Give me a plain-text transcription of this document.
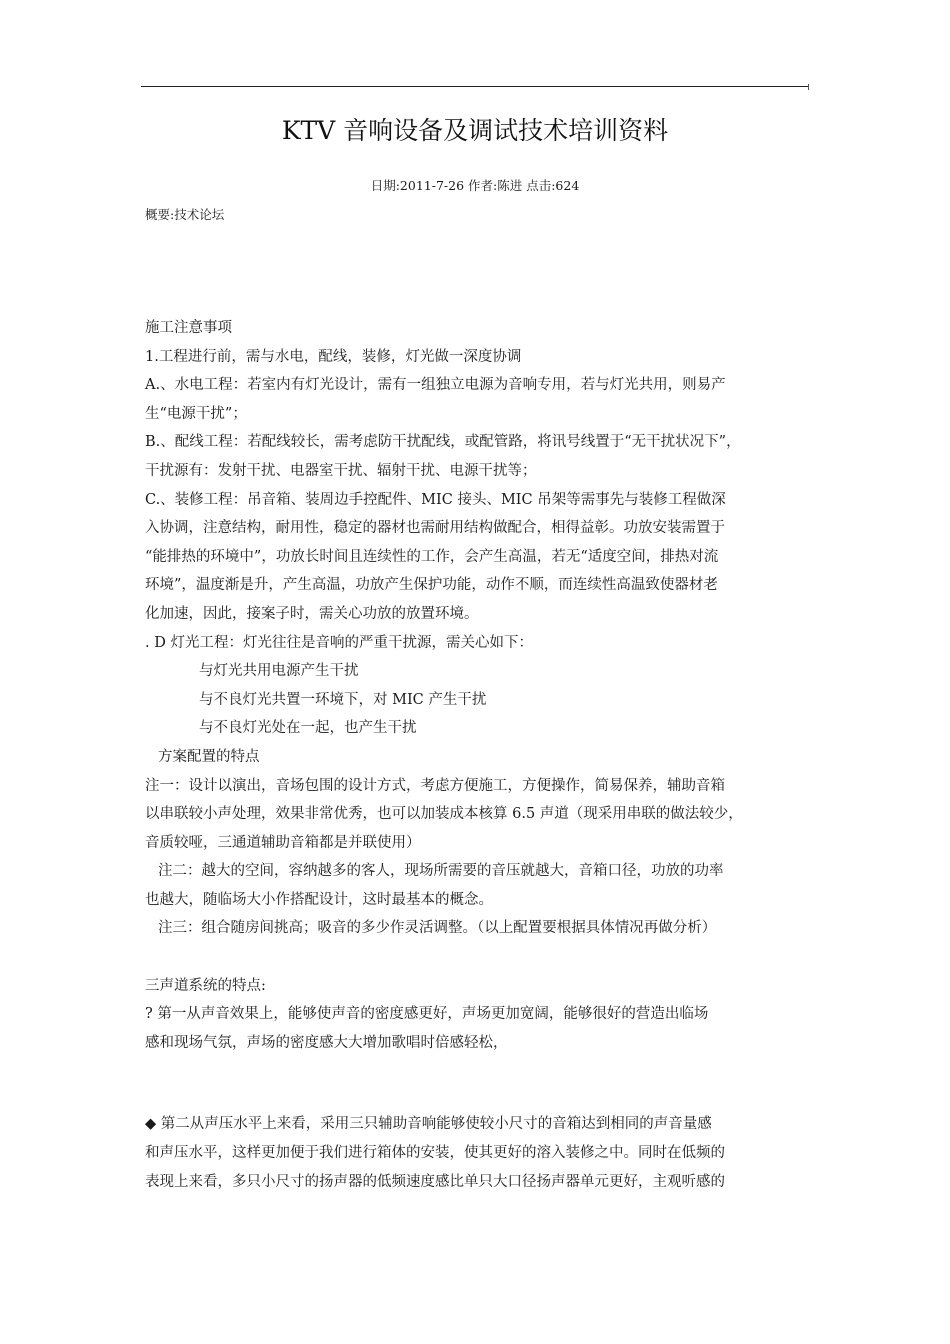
KTV 音响设备及调试技术培训资料
日期:2011-7-26 作者:陈进 点击:624
概要:技术论坛
施工注意事项
1.工程进行前，需与水电，配线，装修，灯光做一深度协调
A.、水电工程：若室内有灯光设计，需有一组独立电源为音响专用，若与灯光共用，则易产
生“电源干扰”；
B.、配线工程：若配线较长，需考虑防干扰配线，或配管路，将讯号线置于“无干扰状况下”，
干扰源有：发射干扰、电器室干扰、辐射干扰、电源干扰等；
C.、装修工程：吊音箱、装周边手控配件、MIC 接头、MIC 吊架等需事先与装修工程做深
入协调，注意结构，耐用性，稳定的器材也需耐用结构做配合，相得益彰。功放安装需置于
“能排热的环境中”，功放长时间且连续性的工作，会产生高温，若无“适度空间，排热对流
环境”，温度渐是升，产生高温，功放产生保护功能，动作不顺，而连续性高温致使器材老
化加速，因此，接案子时，需关心功放的放置环境。
. D 灯光工程：灯光往往是音响的严重干扰源，需关心如下：
与灯光共用电源产生干扰
与不良灯光共置一环境下，对 MIC 产生干扰
与不良灯光处在一起，也产生干扰
方案配置的特点
注一：设计以演出，音场包围的设计方式，考虑方便施工，方便操作，简易保养，辅助音箱
以串联较小声处理，效果非常优秀，也可以加装成本核算 6.5 声道（现采用串联的做法较少，
音质较哑，三通道辅助音箱都是并联使用）
注二：越大的空间，容纳越多的客人，现场所需要的音压就越大，音箱口径，功放的功率
也越大，随临场大小作搭配设计，这时最基本的概念。
注三：组合随房间挑高；吸音的多少作灵活调整。（以上配置要根据具体情况再做分析）
三声道系统的特点:
? 第一从声音效果上，能够使声音的密度感更好，声场更加宽阔，能够很好的营造出临场
感和现场气氛，声场的密度感大大增加歌唱时倍感轻松，
◆ 第二从声压水平上来看，采用三只辅助音响能够使较小尺寸的音箱达到相同的声音量感
和声压水平，这样更加便于我们进行箱体的安装，使其更好的溶入装修之中。同时在低频的
表现上来看，多只小尺寸的扬声器的低频速度感比单只大口径扬声器单元更好，主观听感的
